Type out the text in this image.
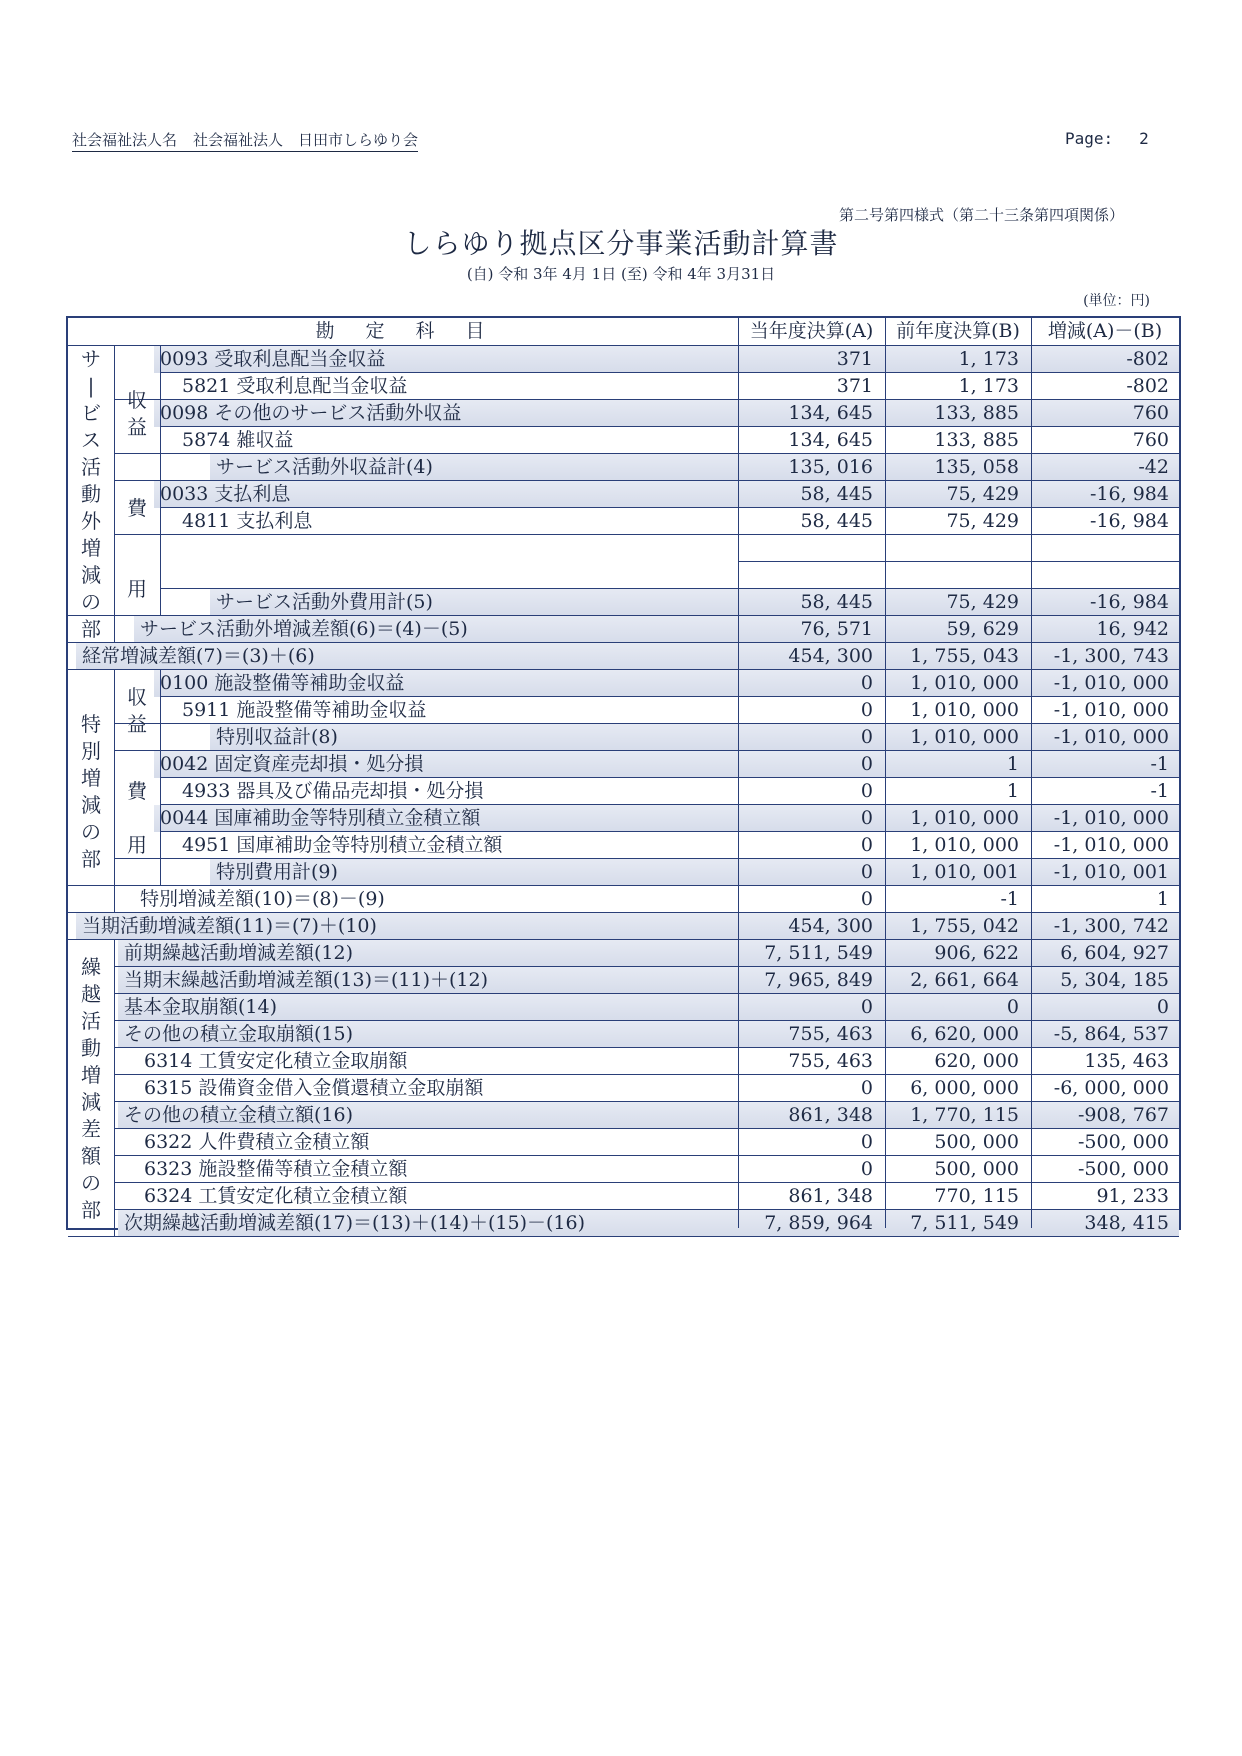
社会福祉法人名 社会福祉法人　日田市しらゆり会	Page: 2
第二号第四様式（第二十三条第四項関係）
しらゆり拠点区分事業活動計算書
(自) 令和 3年 4月 1日 (至) 令和 4年 3月31日
(単位：円)
勘　定　科　目	当年度決算(A)	前年度決算(B)	増減(A)－(B)
0093 受取利息配当金収益	371	1, 173	-802
5821 受取利息配当金収益	371	1, 173	-802
0098 その他のサービス活動外収益	134, 645	133, 885	760
5874 雑収益	134, 645	133, 885	760
サービス活動外収益計(4)	135, 016	135, 058	-42
0033 支払利息	58, 445	75, 429	-16, 984
4811 支払利息	58, 445	75, 429	-16, 984
サービス活動外費用計(5)	58, 445	75, 429	-16, 984
サービス活動外増減差額(6)＝(4)－(5)	76, 571	59, 629	16, 942
経常増減差額(7)＝(3)＋(6)	454, 300	1, 755, 043	-1, 300, 743
0100 施設整備等補助金収益	0	1, 010, 000	-1, 010, 000
5911 施設整備等補助金収益	0	1, 010, 000	-1, 010, 000
特別収益計(8)	0	1, 010, 000	-1, 010, 000
0042 固定資産売却損・処分損	0	1	-1
4933 器具及び備品売却損・処分損	0	1	-1
0044 国庫補助金等特別積立金積立額	0	1, 010, 000	-1, 010, 000
4951 国庫補助金等特別積立金積立額	0	1, 010, 000	-1, 010, 000
特別費用計(9)	0	1, 010, 001	-1, 010, 001
特別増減差額(10)＝(8)－(9)	0	-1	1
当期活動増減差額(11)＝(7)＋(10)	454, 300	1, 755, 042	-1, 300, 742
前期繰越活動増減差額(12)	7, 511, 549	906, 622	6, 604, 927
当期末繰越活動増減差額(13)＝(11)＋(12)	7, 965, 849	2, 661, 664	5, 304, 185
基本金取崩額(14)	0	0	0
その他の積立金取崩額(15)	755, 463	6, 620, 000	-5, 864, 537
6314 工賃安定化積立金取崩額	755, 463	620, 000	135, 463
6315 設備資金借入金償還積立金取崩額	0	6, 000, 000	-6, 000, 000
その他の積立金積立額(16)	861, 348	1, 770, 115	-908, 767
6322 人件費積立金積立額	0	500, 000	-500, 000
6323 施設整備等積立金積立額	0	500, 000	-500, 000
6324 工賃安定化積立金積立額	861, 348	770, 115	91, 233
次期繰越活動増減差額(17)＝(13)＋(14)＋(15)－(16)	7, 859, 964	7, 511, 549	348, 415
サ
|
ビ
ス
活
動
外
増
減
の
部
収
益
費

用
特
別
増
減
の
部
収
益
費

用
繰
越
活
動
増
減
差
額
の
部
